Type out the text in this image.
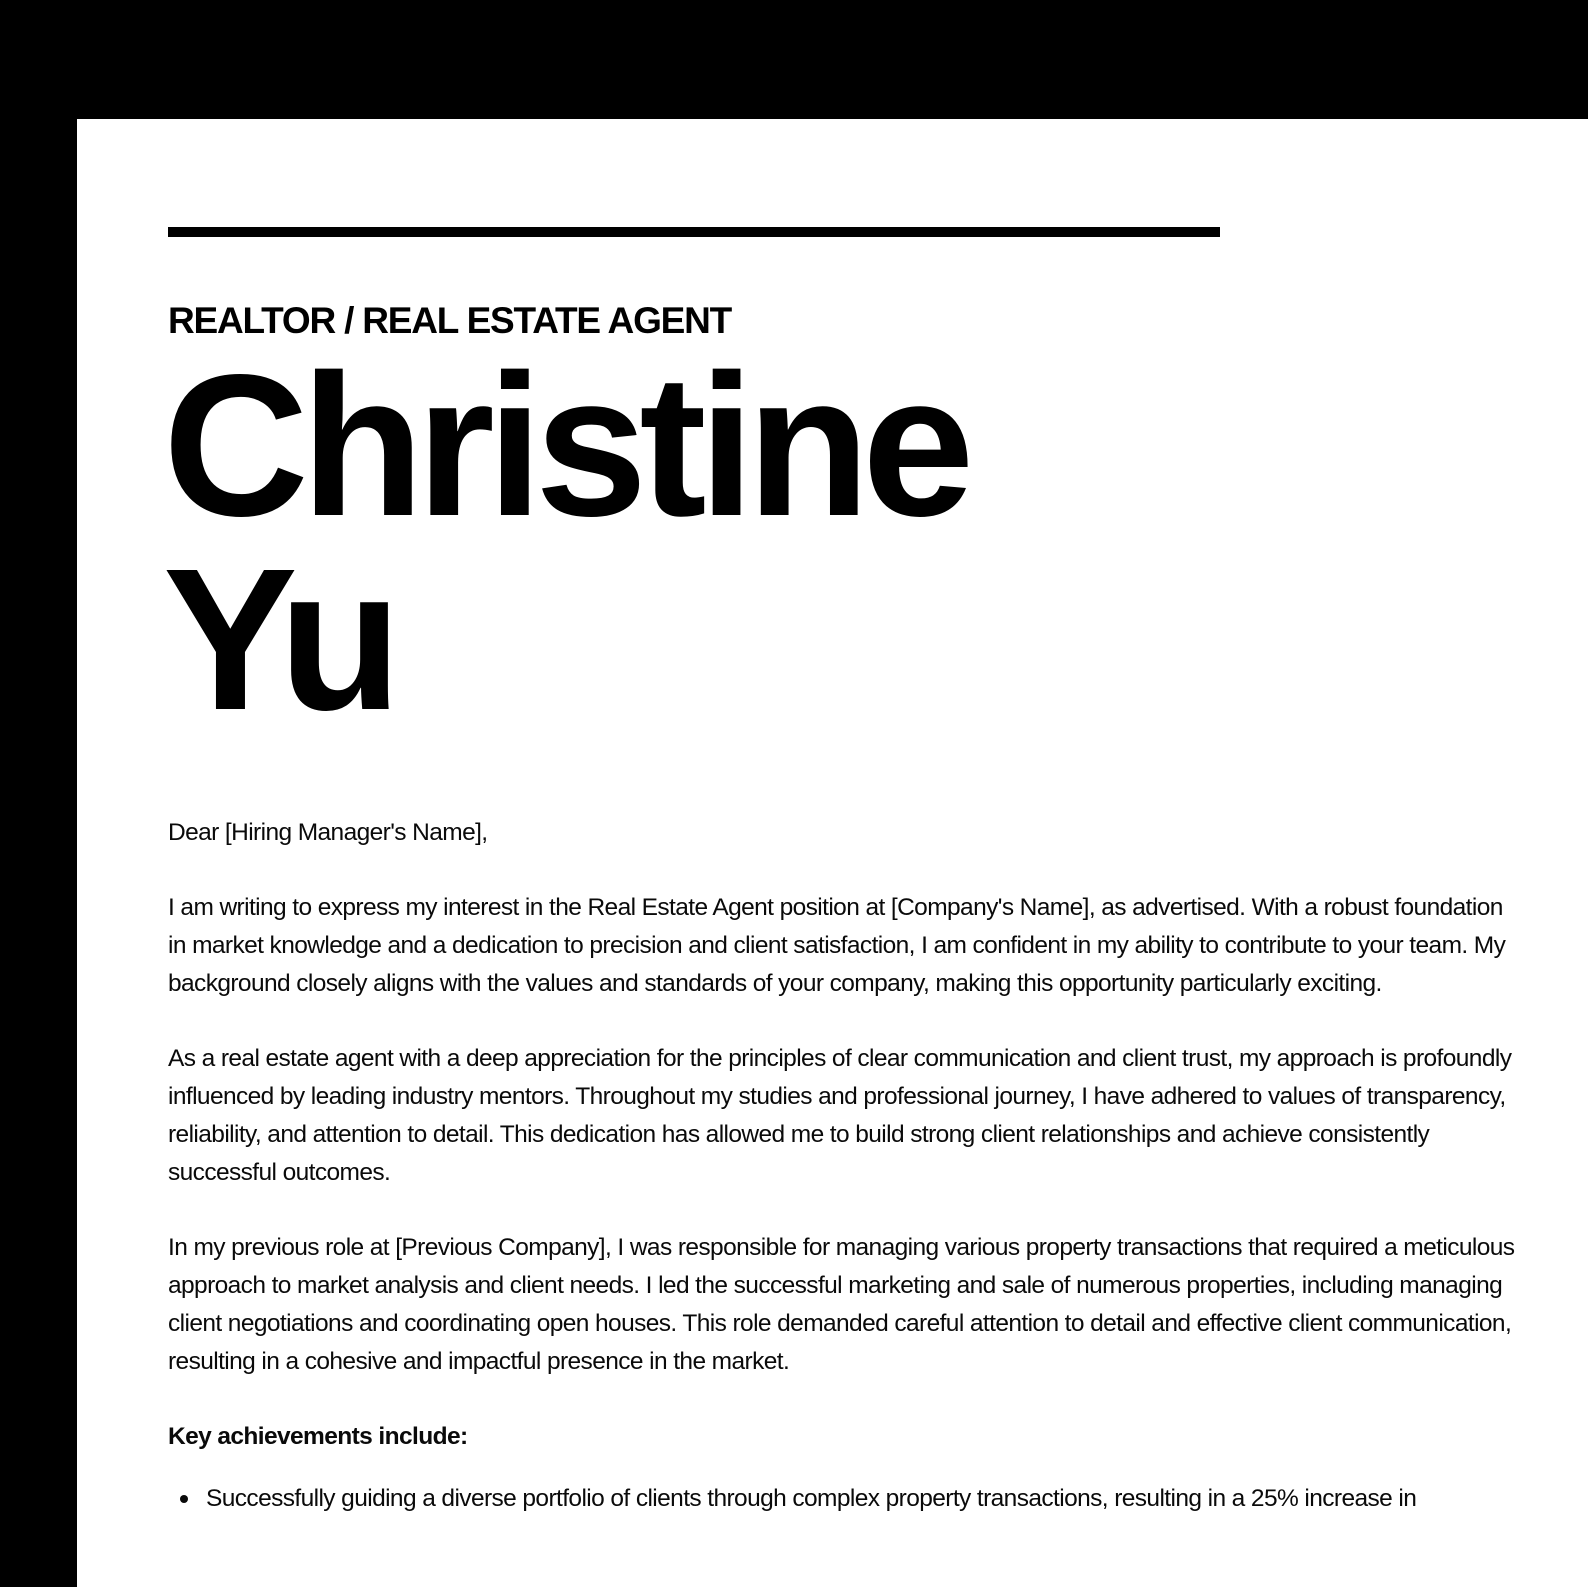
REALTOR / REAL ESTATE AGENT
Christine
Yu

Dear [Hiring Manager's Name],

I am writing to express my interest in the Real Estate Agent position at [Company's Name], as advertised. With a robust foundation in market knowledge and a dedication to precision and client satisfaction, I am confident in my ability to contribute to your team. My background closely aligns with the values and standards of your company, making this opportunity particularly exciting.

As a real estate agent with a deep appreciation for the principles of clear communication and client trust, my approach is profoundly influenced by leading industry mentors. Throughout my studies and professional journey, I have adhered to values of transparency, reliability, and attention to detail. This dedication has allowed me to build strong client relationships and achieve consistently successful outcomes.

In my previous role at [Previous Company], I was responsible for managing various property transactions that required a meticulous approach to market analysis and client needs. I led the successful marketing and sale of numerous properties, including managing client negotiations and coordinating open houses. This role demanded careful attention to detail and effective client communication, resulting in a cohesive and impactful presence in the market.

Key achievements include:

Successfully guiding a diverse portfolio of clients through complex property transactions, resulting in a 25% increase in
